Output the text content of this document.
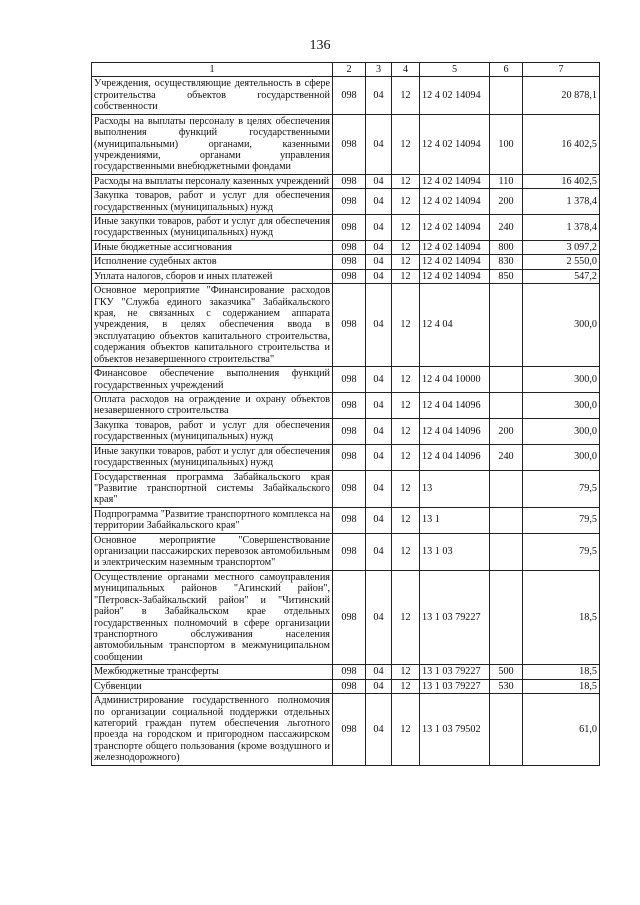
136
1	2	3	4	5	6	7
Учреждения, осуществляющие деятельность в сфере строительства объектов государственной собственности	098	04	12	12 4 02 14094		20 878,1
Расходы на выплаты персоналу в целях обеспечения выполнения функций государственными (муниципальными) органами, казенными учреждениями, органами управления государственными внебюджетными фондами	098	04	12	12 4 02 14094	100	16 402,5
Расходы на выплаты персоналу казенных учреждений	098	04	12	12 4 02 14094	110	16 402,5
Закупка товаров, работ и услуг для обеспечения государственных (муниципальных) нужд	098	04	12	12 4 02 14094	200	1 378,4
Иные закупки товаров, работ и услуг для обеспечения государственных (муниципальных) нужд	098	04	12	12 4 02 14094	240	1 378,4
Иные бюджетные ассигнования	098	04	12	12 4 02 14094	800	3 097,2
Исполнение судебных актов	098	04	12	12 4 02 14094	830	2 550,0
Уплата налогов, сборов и иных платежей	098	04	12	12 4 02 14094	850	547,2
Основное мероприятие "Финансирование расходов ГКУ "Служба единого заказчика" Забайкальского края, не связанных с содержанием аппарата учреждения, в целях обеспечения ввода в эксплуатацию объектов капитального строительства, содержания объектов капитального строительства и объектов незавершенного строительства"	098	04	12	12 4 04		300,0
Финансовое обеспечение выполнения функций государственных учреждений	098	04	12	12 4 04 10000		300,0
Оплата расходов на ограждение и охрану объектов незавершенного строительства	098	04	12	12 4 04 14096		300,0
Закупка товаров, работ и услуг для обеспечения государственных (муниципальных) нужд	098	04	12	12 4 04 14096	200	300,0
Иные закупки товаров, работ и услуг для обеспечения государственных (муниципальных) нужд	098	04	12	12 4 04 14096	240	300,0
Государственная программа Забайкальского края "Развитие транспортной системы Забайкальского края"	098	04	12	13		79,5
Подпрограмма "Развитие транспортного комплекса на территории Забайкальского края"	098	04	12	13 1		79,5
Основное мероприятие "Совершенствование организации пассажирских перевозок автомобильным и электрическим наземным транспортом"	098	04	12	13 1 03		79,5
Осуществление органами местного самоуправления муниципальных районов "Агинский район", "Петровск-Забайкальский район" и "Читинский район" в Забайкальском крае отдельных государственных полномочий в сфере организации транспортного обслуживания населения автомобильным транспортом в межмуниципальном сообщении	098	04	12	13 1 03 79227		18,5
Межбюджетные трансферты	098	04	12	13 1 03 79227	500	18,5
Субвенции	098	04	12	13 1 03 79227	530	18,5
Администрирование государственного полномочия по организации социальной поддержки отдельных категорий граждан путем обеспечения льготного проезда на городском и пригородном пассажирском транспорте общего пользования (кроме воздушного и железнодорожного)	098	04	12	13 1 03 79502		61,0
